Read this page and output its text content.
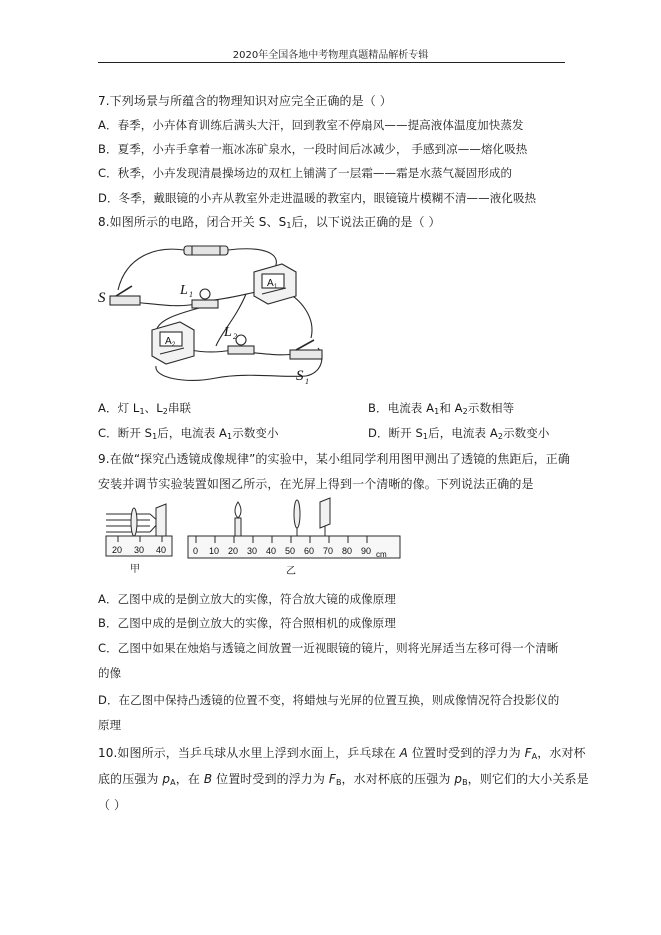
2020年全国各地中考物理真题精品解析专辑
7.下列场景与所蕴含的物理知识对应完全正确的是（ ）
A．春季，小卉体育训练后满头大汗，回到教室不停扇风——提高液体温度加快蒸发
B．夏季，小卉手拿着一瓶冰冻矿泉水，一段时间后冰减少， 手感到凉——熔化吸热
C．秋季，小卉发现清晨操场边的双杠上铺满了一层霜——霜是水蒸气凝固形成的
D．冬季，戴眼镜的小卉从教室外走进温暖的教室内，眼镜镜片模糊不清——液化吸热
8.如图所示的电路，闭合开关 S、$S_1$后，以下说法正确的是（ ）
S	L 1
L 2
S 1
A 1
A 2
A．灯 $L_1$、$L_2$串联	B．电流表 $A_1$和 $A_2$示数相等
C．断开 $S_1$后，电流表 $A_1$示数变小	D．断开 $S_1$后，电流表 $A_2$示数变小
9.在做“探究凸透镜成像规律”的实验中，某小组同学利用图甲测出了透镜的焦距后，正确
安装并调节实验装置如图乙所示，在光屏上得到一个清晰的像。下列说法正确的是
20 30 40
甲
0 10 20 30 40 50 60 70 80 90 cm
乙
A．乙图中成的是倒立放大的实像，符合放大镜的成像原理
B．乙图中成的是倒立放大的实像，符合照相机的成像原理
C．乙图中如果在烛焰与透镜之间放置一近视眼镜的镜片，则将光屏适当左移可得一个清晰
的像
D．在乙图中保持凸透镜的位置不变，将蜡烛与光屏的位置互换，则成像情况符合投影仪的
原理
10.如图所示，当乒乓球从水里上浮到水面上，乒乓球在 A 位置时受到的浮力为 $F_A$，水对杯
底的压强为 $p_A$，在 B 位置时受到的浮力为 $F_B$，水对杯底的压强为 $p_B$，则它们的大小关系是
（ ）
